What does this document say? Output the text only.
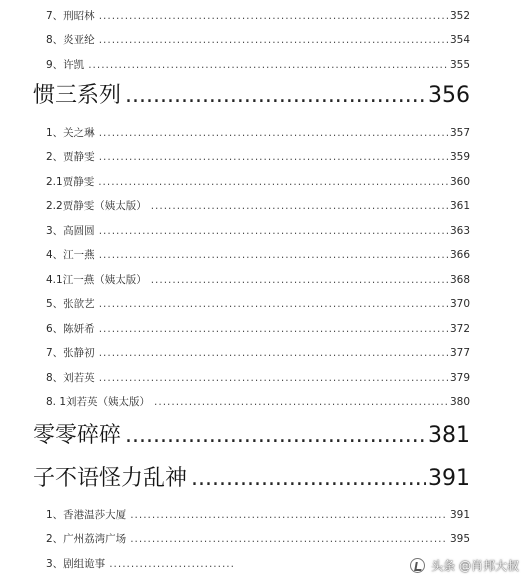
7、刑昭林 .....	352
8、炎亚纶 .....	354
9、许凯 .....	355
惯三系列 .....	356
1、关之琳 .....	357
2、贾静雯 .....	359
2.1贾静雯 .....	360
2.2贾静雯（姨太版） .....	361
3、高圆圆 .....	363
4、江一燕 .....	366
4.1江一燕（姨太版） .....	368
5、张歆艺 .....	370
6、陈妍希 .....	372
7、张静初 .....	377
8、刘若英 .....	379
8. 1刘若英（姨太版） .....	380
零零碎碎 .....	381
子不语怪力乱神 .....	391
1、香港温莎大厦 .....	391
2、广州荔湾广场 .....	395
3、剧组诡事 .....	头条 @肖邦大叔
